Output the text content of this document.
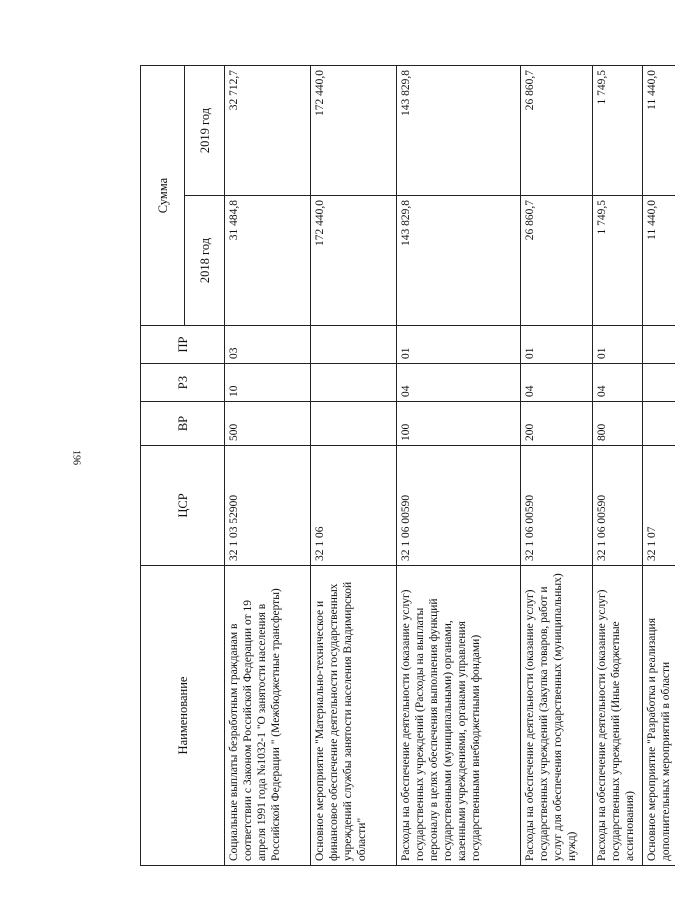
196
Наименование	ЦСР	ВР	РЗ	ПР	Сумма	
					2018 год	2019 год
Социальные выплаты безработным гражданам в соответствии с Законом Российской Федерации от 19 апреля 1991 года №1032-1 "О занятости населения в Российской Федерации " (Межбюджетные трансферты)	32 1 03 52900	500	10	03	31 484,8	32 712,7
Основное мероприятие "Материально-техническое и финансовое обеспечение деятельности государственных учреждений службы занятости населения Владимирской области"	32 1 06				172 440,0	172 440,0
Расходы на обеспечение деятельности (оказание услуг) государственных учреждений (Расходы на выплаты персоналу в целях обеспечения выполнения функций государственными (муниципальными) органами, казенными учреждениями, органами управления государственными внебюджетными фондами)	32 1 06 00590	100	04	01	143 829,8	143 829,8
Расходы на обеспечение деятельности (оказание услуг) государственных учреждений (Закупка товаров, работ и услуг для обеспечения государственных (муниципальных) нужд)	32 1 06 00590	200	04	01	26 860,7	26 860,7
Расходы на обеспечение деятельности (оказание услуг) государственных учреждений (Иные бюджетные ассигнования)	32 1 06 00590	800	04	01	1 749,5	1 749,5
Основное мероприятие "Разработка и реализация дополнительных мероприятий в области	32 1 07				11 440,0	11 440,0
